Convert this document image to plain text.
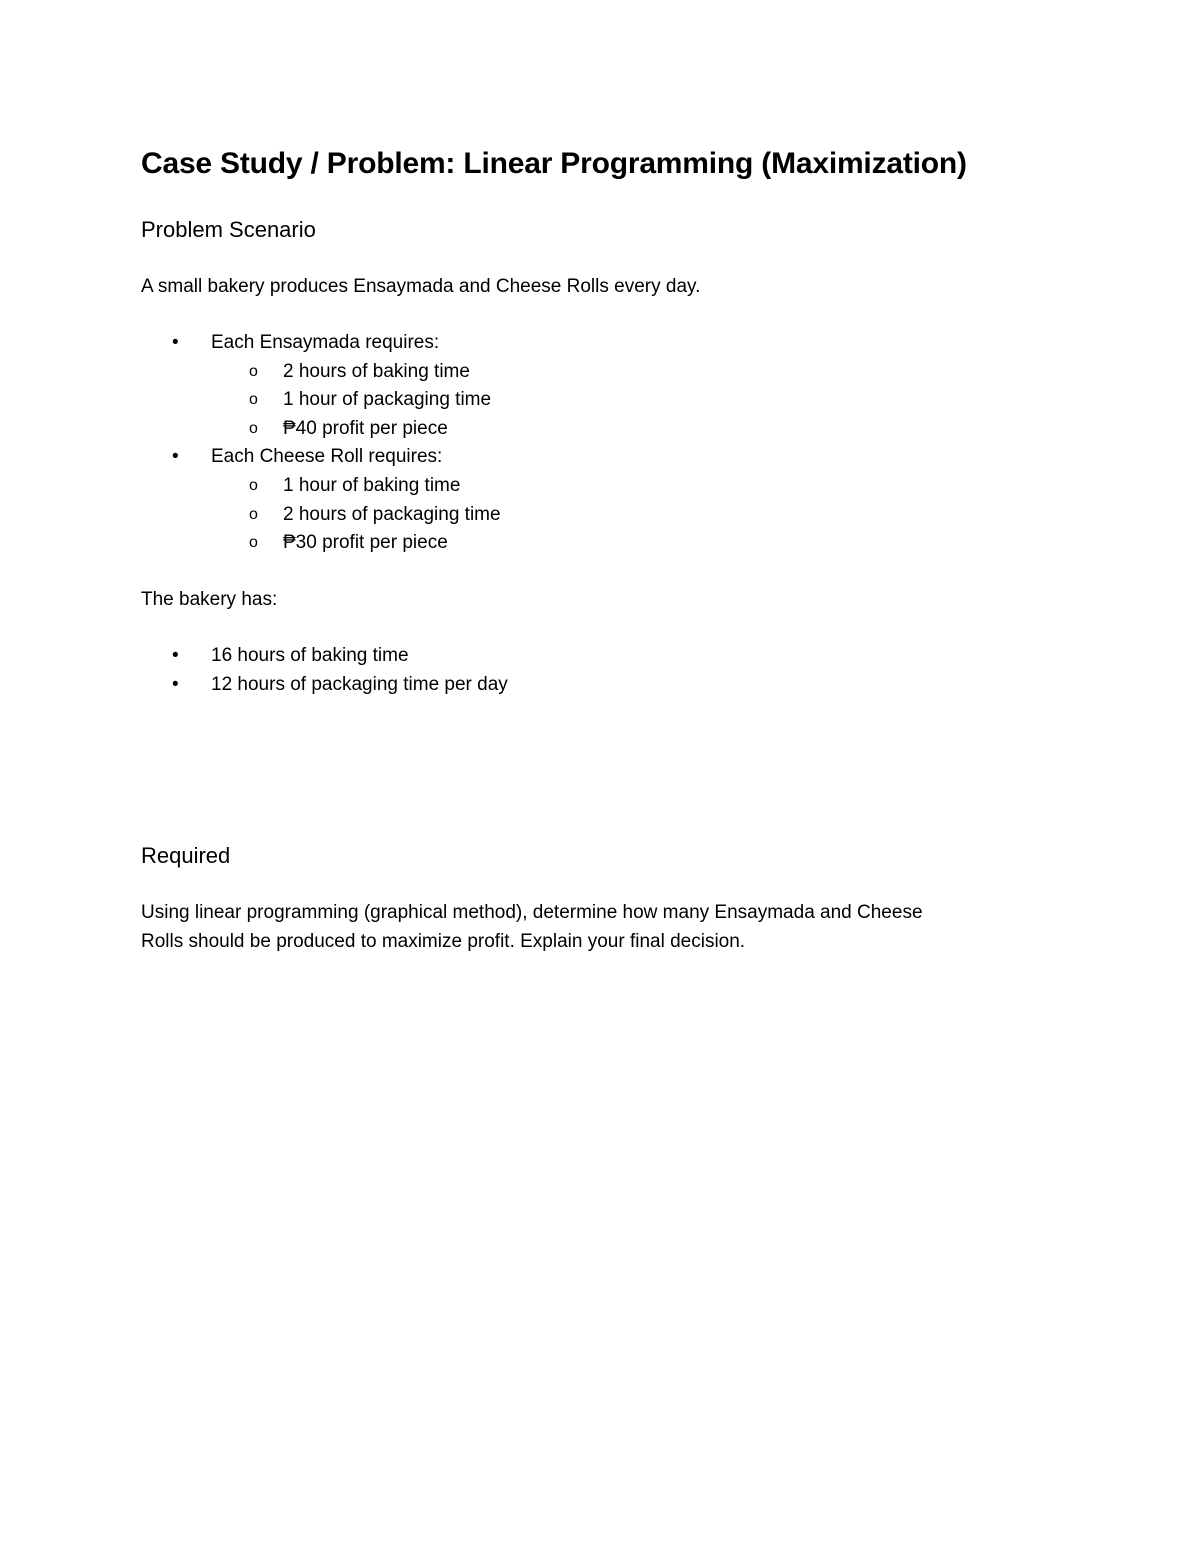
Case Study / Problem: Linear Programming (Maximization)
Problem Scenario
A small bakery produces Ensaymada and Cheese Rolls every day.
• Each Ensaymada requires:
o 2 hours of baking time
o 1 hour of packaging time
o ₱40 profit per piece
• Each Cheese Roll requires:
o 1 hour of baking time
o 2 hours of packaging time
o ₱30 profit per piece
The bakery has:
• 16 hours of baking time
• 12 hours of packaging time per day
Required
Using linear programming (graphical method), determine how many Ensaymada and Cheese
Rolls should be produced to maximize profit. Explain your final decision.
